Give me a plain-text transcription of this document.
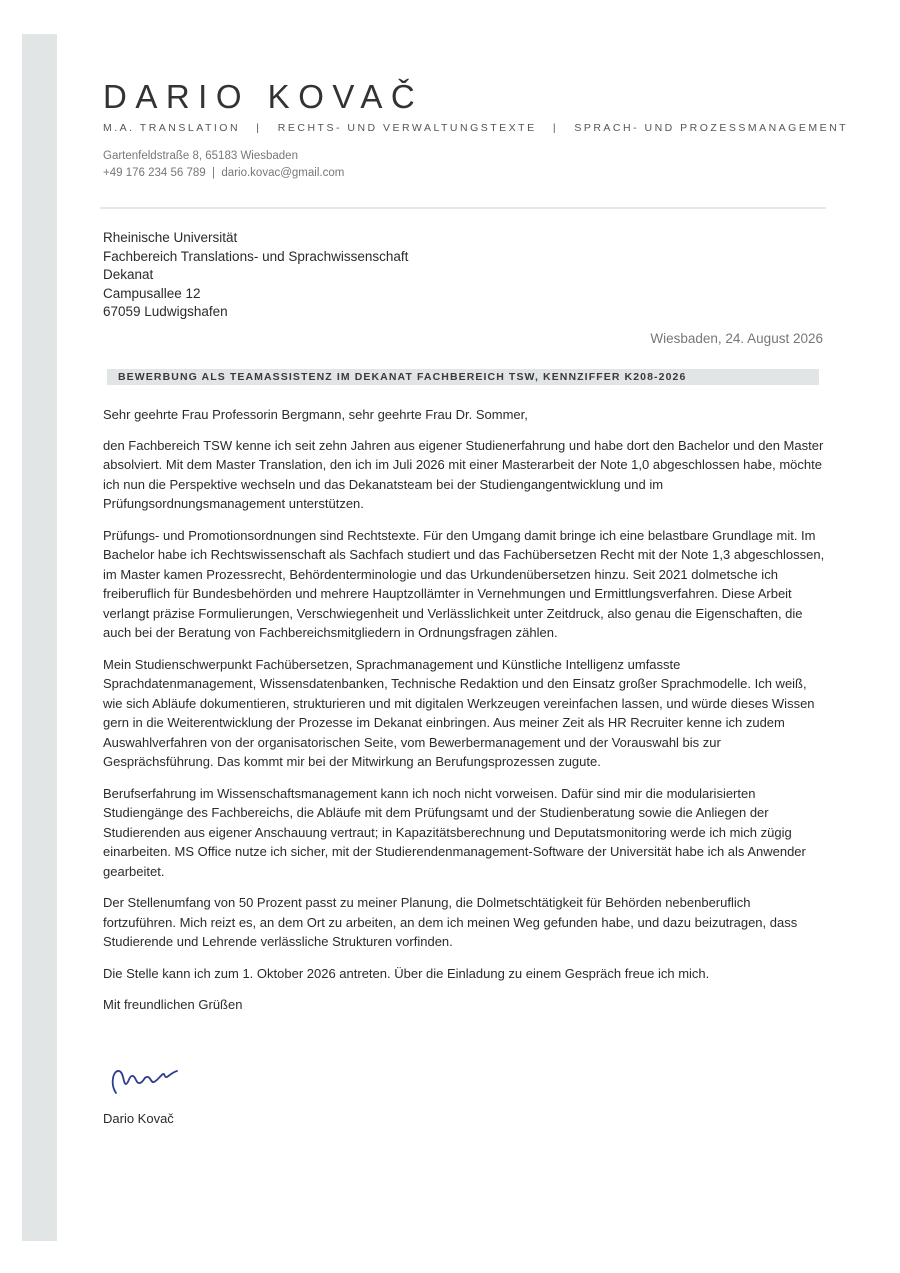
DARIO KOVAČ
M.A. TRANSLATION   |   RECHTS- UND VERWALTUNGSTEXTE   |   SPRACH- UND PROZESSMANAGEMENT
Gartenfeldstraße 8, 65183 Wiesbaden
+49 176 234 56 789  |  dario.kovac@gmail.com
Rheinische Universität
Fachbereich Translations- und Sprachwissenschaft
Dekanat
Campusallee 12
67059 Ludwigshafen
Wiesbaden, 24. August 2026
BEWERBUNG ALS TEAMASSISTENZ IM DEKANAT FACHBEREICH TSW, KENNZIFFER K208-2026

Sehr geehrte Frau Professorin Bergmann, sehr geehrte Frau Dr. Sommer,

den Fachbereich TSW kenne ich seit zehn Jahren aus eigener Studienerfahrung und habe dort den Bachelor und den Master absolviert. Mit dem Master Translation, den ich im Juli 2026 mit einer Masterarbeit der Note 1,0 abgeschlossen habe, möchte ich nun die Perspektive wechseln und das Dekanatsteam bei der Studiengangentwicklung und im Prüfungsordnungsmanagement unterstützen.

Prüfungs- und Promotionsordnungen sind Rechtstexte. Für den Umgang damit bringe ich eine belastbare Grundlage mit. Im Bachelor habe ich Rechtswissenschaft als Sachfach studiert und das Fachübersetzen Recht mit der Note 1,3 abgeschlossen, im Master kamen Prozessrecht, Behördenterminologie und das Urkundenübersetzen hinzu. Seit 2021 dolmetsche ich freiberuflich für Bundesbehörden und mehrere Hauptzollämter in Vernehmungen und Ermittlungsverfahren. Diese Arbeit verlangt präzise Formulierungen, Verschwiegenheit und Verlässlichkeit unter Zeitdruck, also genau die Eigenschaften, die auch bei der Beratung von Fachbereichsmitgliedern in Ordnungsfragen zählen.

Mein Studienschwerpunkt Fachübersetzen, Sprachmanagement und Künstliche Intelligenz umfasste Sprachdatenmanagement, Wissensdatenbanken, Technische Redaktion und den Einsatz großer Sprachmodelle. Ich weiß, wie sich Abläufe dokumentieren, strukturieren und mit digitalen Werkzeugen vereinfachen lassen, und würde dieses Wissen gern in die Weiterentwicklung der Prozesse im Dekanat einbringen. Aus meiner Zeit als HR Recruiter kenne ich zudem Auswahlverfahren von der organisatorischen Seite, vom Bewerbermanagement und der Vorauswahl bis zur Gesprächsführung. Das kommt mir bei der Mitwirkung an Berufungsprozessen zugute.

Berufserfahrung im Wissenschaftsmanagement kann ich noch nicht vorweisen. Dafür sind mir die modularisierten Studiengänge des Fachbereichs, die Abläufe mit dem Prüfungsamt und der Studienberatung sowie die Anliegen der Studierenden aus eigener Anschauung vertraut; in Kapazitätsberechnung und Deputatsmonitoring werde ich mich zügig einarbeiten. MS Office nutze ich sicher, mit der Studierendenmanagement-Software der Universität habe ich als Anwender gearbeitet.

Der Stellenumfang von 50 Prozent passt zu meiner Planung, die Dolmetschtätigkeit für Behörden nebenberuflich fortzuführen. Mich reizt es, an dem Ort zu arbeiten, an dem ich meinen Weg gefunden habe, und dazu beizutragen, dass Studierende und Lehrende verlässliche Strukturen vorfinden.

Die Stelle kann ich zum 1. Oktober 2026 antreten. Über die Einladung zu einem Gespräch freue ich mich.

Mit freundlichen Grüßen

Dario Kovač
